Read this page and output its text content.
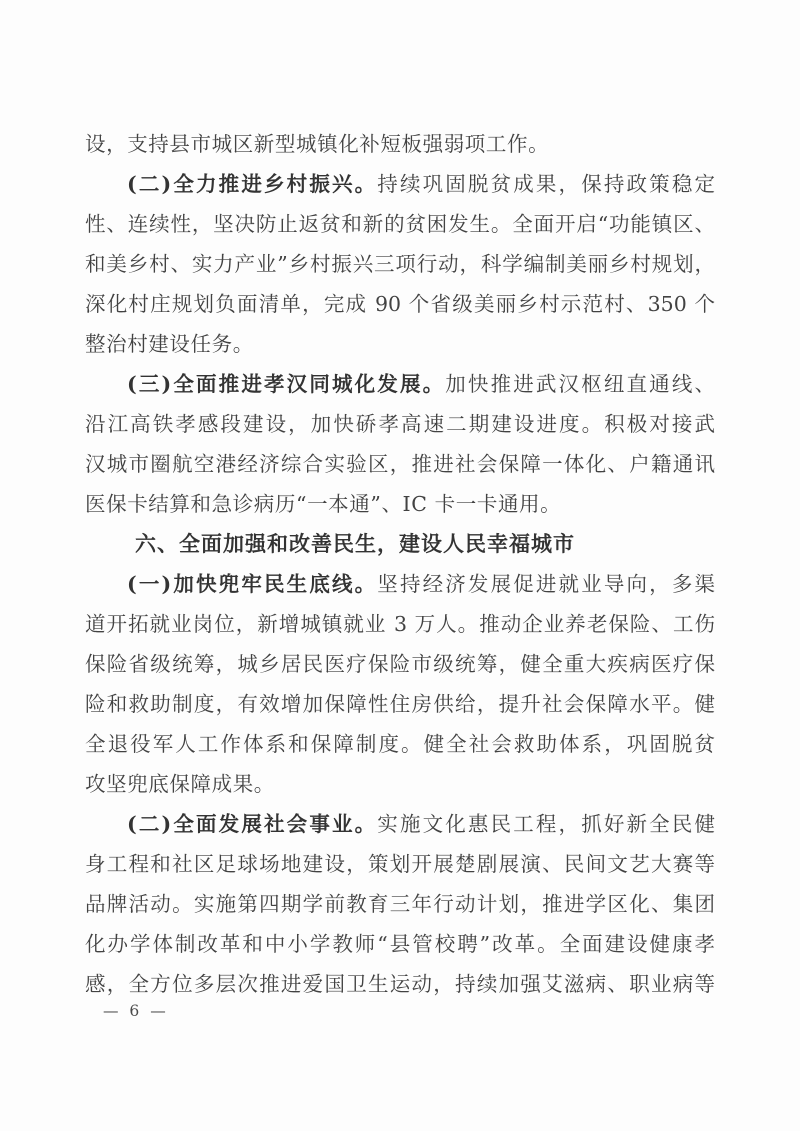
设，支持县市城区新型城镇化补短板强弱项工作。
(二)全力推进乡村振兴。持续巩固脱贫成果，保持政策稳定
性、连续性，坚决防止返贫和新的贫困发生。全面开启“功能镇区、
和美乡村、实力产业”乡村振兴三项行动，科学编制美丽乡村规划，
深化村庄规划负面清单，完成 90 个省级美丽乡村示范村、350 个
整治村建设任务。
(三)全面推进孝汉同城化发展。加快推进武汉枢纽直通线、
沿江高铁孝感段建设，加快硚孝高速二期建设进度。积极对接武
汉城市圈航空港经济综合实验区，推进社会保障一体化、户籍通讯
医保卡结算和急诊病历“一本通”、IC 卡一卡通用。
六、全面加强和改善民生，建设人民幸福城市
(一)加快兜牢民生底线。坚持经济发展促进就业导向，多渠
道开拓就业岗位，新增城镇就业 3 万人。推动企业养老保险、工伤
保险省级统筹，城乡居民医疗保险市级统筹，健全重大疾病医疗保
险和救助制度，有效增加保障性住房供给，提升社会保障水平。健
全退役军人工作体系和保障制度。健全社会救助体系，巩固脱贫
攻坚兜底保障成果。
(二)全面发展社会事业。实施文化惠民工程，抓好新全民健
身工程和社区足球场地建设，策划开展楚剧展演、民间文艺大赛等
品牌活动。实施第四期学前教育三年行动计划，推进学区化、集团
化办学体制改革和中小学教师“县管校聘”改革。全面建设健康孝
感，全方位多层次推进爱国卫生运动，持续加强艾滋病、职业病等
— 6 —
